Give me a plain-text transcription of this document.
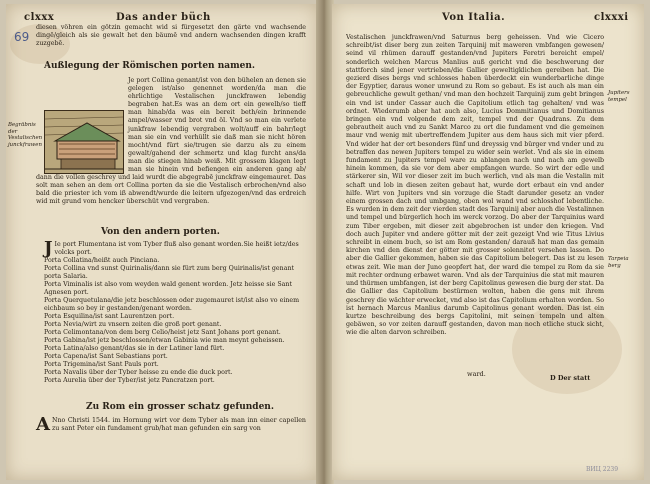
clxxx	Das ander büch
69
diesen vöhren ein götzin gemacht wid si fürgesetzt den gärte vnd wachsende dingē/gleich als sie gewalt het den bäumē vnd andern wachsenden dingen krafft zuzgebē.
Außlegung der Römischen porten namen.
Je port Collina genant/ist von den bühelen an denen sie gelegen ist/also genennet worden/da man die ehrlichtige Vestalischen junckfrawen lebendig begraben hat.Es was an dem ort ein gewelb/so tieff man hinab/da was ein bereit beth/ein brinnende ampel/wasser vnd brot vnd öl. Vnd so man ein verlete junkfraw lebendig vergraben wolt/auff ein bahr/legt man sie ein vnd verhüllt sie daß man sie nicht hören mocht/vnd fürt sie/trugen sie darzu als zu einem gewalt/gahend der schmertz und klag furcht ans/da man die stiegen hinab weiß. Mit grossem klagen legt man sie hinein vnd befiengen ein anderen gang ab/ dann die vollen geschrey und laid wurdt die abgegrabē junckfraw eingemauret. Das solt man sehen an dem ort Collina porten da sie die Vestalisch erbrochen/vnd also bald die priester ich vom iß abwendt/wurde die leitern ufgezogen/vnd das erdreich wid mit grund vom hencker überschüt vnd vergraben.
Begräbnis der Vestalischen junckfrawen
Von den andern porten.
J Ie port Flumentana ist vom Tyber fluß also genant worden.Sie heißt ietz/des volcks port.
Porta Collatina/heißt auch Pinciana.
Porta Collina vnd sunst Quirinalis/dann sie fürt zum berg Quirinalis/ist genant porta Salaria.
Porta Viminalis ist also vom weyden wald genent worden. Jetz heisse sie Sant Agnesen port.
Porta Querquetulana/die jetz beschlossen oder zugemauret ist/ist also vo einem eichbaum so bey ir gestanden/genant worden.
Porta Esquilina/ist sant Laurentzen port.
Porta Nevia/wirt zu vnsern zeiten die groß port genant.
Porta Celimontana/von dem berg Celio/heist jetz Sant Johans port genant.
Porta Gabina/ist jetz beschlossen/etwan Gabinia wie man meynt geheissen.
Porta Latina/also genant/das sie in der Latiner land fürt.
Porta Capena/ist Sant Sebastians port.
Porta Trigemina/ist Sant Pauls port.
Porta Navalis über der Tyber heisse zu ende die duck port.
Porta Aurelia über der Tyber/ist jetz Pancratzen port.
Zu Rom ein grosser schatz gefunden.
A Nno Christi 1544. im Hornung wirt vor dem Tyber als man inn einer capellen zu sant Peter ein fundament grub/hat man gefunden ein sarg von
Von Italia.	clxxxi
Vestalischen junckfrawen/vnd Saturnus berg geheissen. Vnd wie Cicero schreibt/ist diser berg zun zeiten Tarquinij mit maweren vmbfangen gewesen/ seind vil rhümen darauff gestanden/vnd Jupiters Feretri bereicht empel/ sonderlich welchen Marcus Manlius auß gericht vnd die beschwerung der stattforch sind jener vertrieben/die Gallier geweltigklichen gereiben hat. Die gezierd dises bergs vnd schlosses haben überdeckt ein wunderbarliche dinge der Egyptier, daraus woner unwund zu Rom so gebaut. Es ist auch als man ein gebreuchliche gewult gethan/ vnd man den hochzeit Tarquinij zum gebt bringen ein vnd ist under Cassar auch die Capitolium etlich tag gehalten/ vnd was ordnet. Wiederumb aber hat auch also, Lucius Dommitianus und Domitianus bringen ein vnd volgende dem zeit, tempel vnd der Quadrans. Zu dem gebrautheit auch vnd zu Sankt Marco zu ort die fundament vnd die gemeinen maur vnd wenig mit ubertreffendem Jupiter aus dem haus sich mit vier pferd. Vnd wider hat der ort besonders fünf und dreyssig vnd bürger vnd vnder und zu betraffen das newen Jupiters tempel zu wider sein werlet. Vnd als sie in einem fundament zu Jupiters tempel ware zu ablangen nach und nach am gewelb hinein kommen, da sie vor dem aber empfangen wurde. So wirt der edle und stärkerer sin, Wil vor dieser zeit im buch werlich, vnd als man die Vestalin mit schaft und lob in diesen zeiten gebaut hat, wurde dort erbaut ein vnd ander hilfe. Wirt von Jupiters vnd sin vorzuge die Stadt darunder gesetz an vnder einem grossen dach und umbgang, oben wol wand vnd schlosshof lebentliche. Es wurden in dem zeit der vierden stadt des Tarquinij aber auch die Vestalinnen und tempel und bürgerlich hoch im werck vorzog. Do aber der Tarquinius ward zum Tiber ergeben, mit dieser zeit abgebrochen ist under den kriegen. Vnd doch auch Jupiter vnd andere götter mit der zeit gezeigt Vnd wie Titus Livius schreibt in einem buch, so ist am Rom gestanden/ darauß hat man das gemain kirchen vnd den dienst der götter mit grosser solennitet versehen lassen. Do aber die Gallier gekommen, haben sie das Capitolium belegert. Das ist zu lesen etwas zeit. Wie man der Juno geopfert hat, der ward die tempel zu Rom da sie mit rechter ordnung erbawet waren. Vnd als der Tarquinius die stat mit mauren und thürmen umbfangen, ist der berg Capitolinus gewesen die burg der stat. Da die Gallier das Capitolium bestürmen wolten, haben die gens mit ihrem geschrey die wächter erwecket, vnd also ist das Capitolium erhalten worden. So ist hernach Marcus Manlius darumb Capitolinus genant worden. Das ist ein kurtze beschreibung des bergs Capitolini, mit seinen tempeln und alten gebäwen, so vor zeiten darauff gestanden, davon man noch etliche stuck sicht, wie die alten darvon schreiben.
Jupiters tempel
Tarpeia berg
ward.	D Der statt
ВИЦ 2239
